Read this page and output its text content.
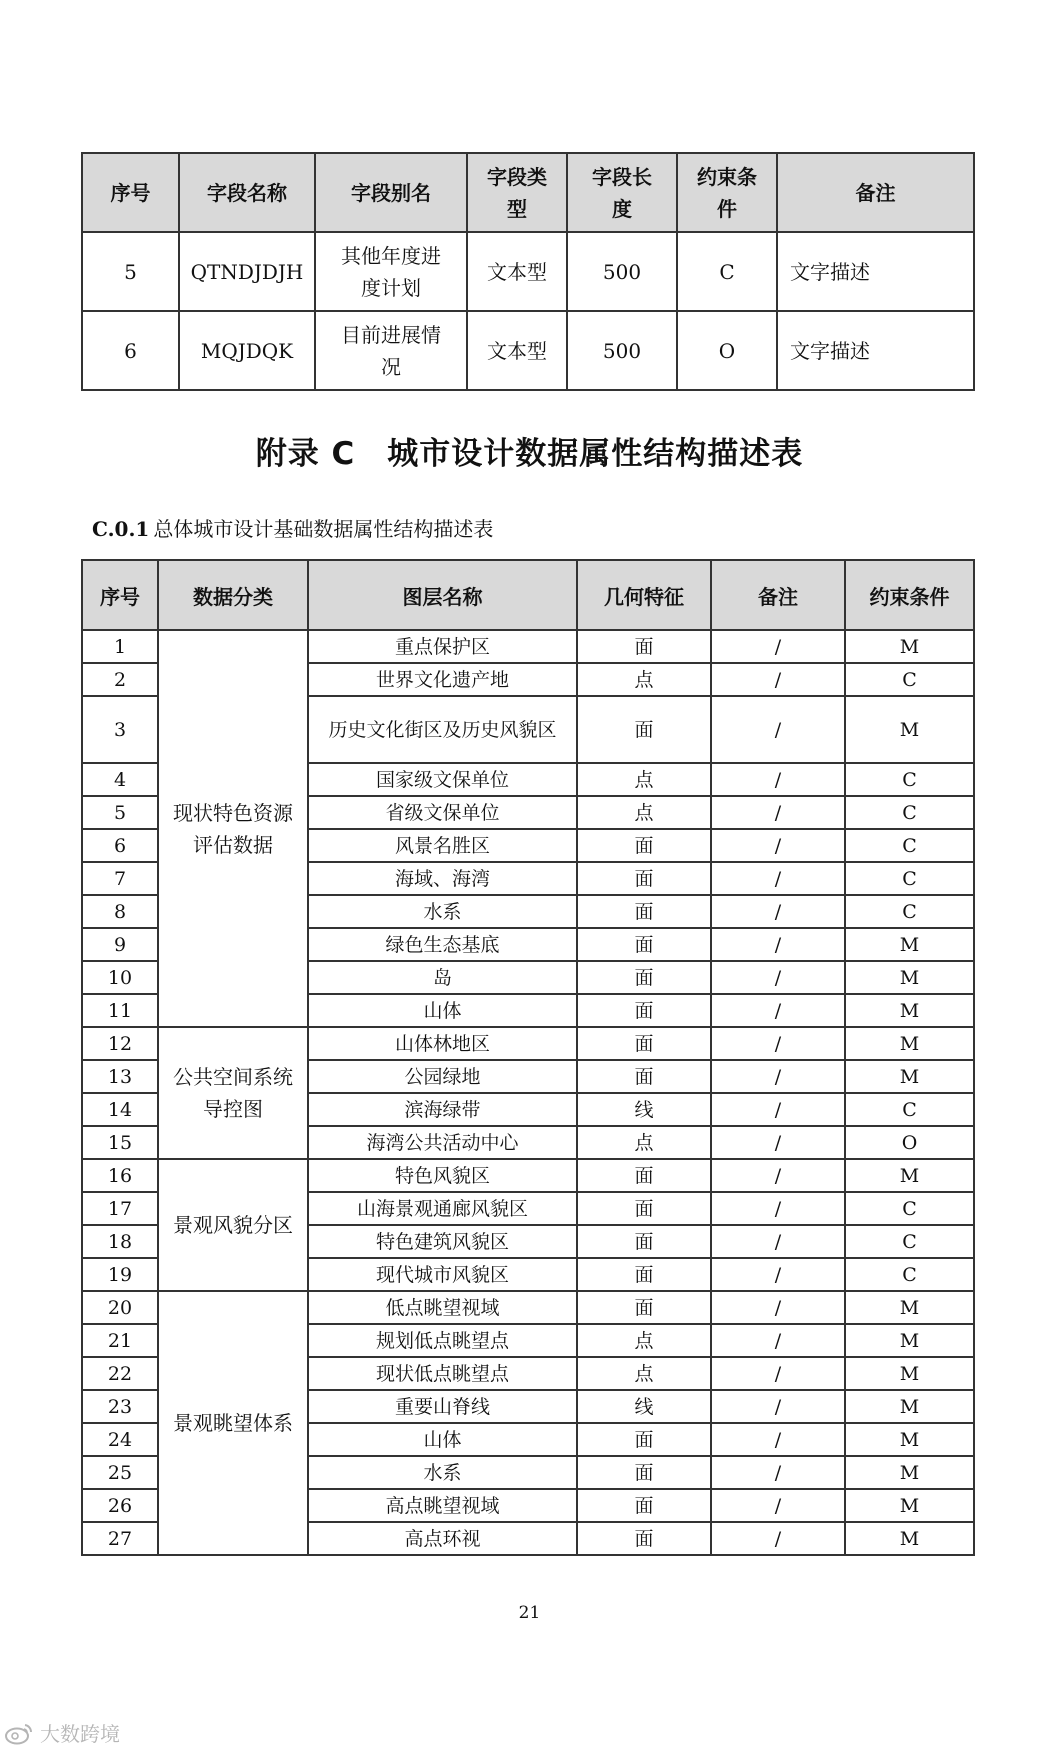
序号	字段名称	字段别名	字段类型	字段长度	约束条件	备注
5	QTNDJDJH	其他年度进度计划	文本型	500	C	文字描述
6	MQJDQK	目前进展情况	文本型	500	O	文字描述
附录 C　城市设计数据属性结构描述表
C.0.1 总体城市设计基础数据属性结构描述表
序号	数据分类	图层名称	几何特征	备注	约束条件
1	现状特色资源评估数据	重点保护区	面	/	M
2		世界文化遗产地	点	/	C
3		历史文化街区及历史风貌区	面	/	M
4		国家级文保单位	点	/	C
5		省级文保单位	点	/	C
6		风景名胜区	面	/	C
7		海域、海湾	面	/	C
8		水系	面	/	C
9		绿色生态基底	面	/	M
10		岛	面	/	M
11		山体	面	/	M
12	公共空间系统导控图	山体林地区	面	/	M
13		公园绿地	面	/	M
14		滨海绿带	线	/	C
15		海湾公共活动中心	点	/	O
16	景观风貌分区	特色风貌区	面	/	M
17		山海景观通廊风貌区	面	/	C
18		特色建筑风貌区	面	/	C
19		现代城市风貌区	面	/	C
20	景观眺望体系	低点眺望视域	面	/	M
21		规划低点眺望点	点	/	M
22		现状低点眺望点	点	/	M
23		重要山脊线	线	/	M
24		山体	面	/	M
25		水系	面	/	M
26		高点眺望视域	面	/	M
27		高点环视	面	/	M
21
大数跨境
